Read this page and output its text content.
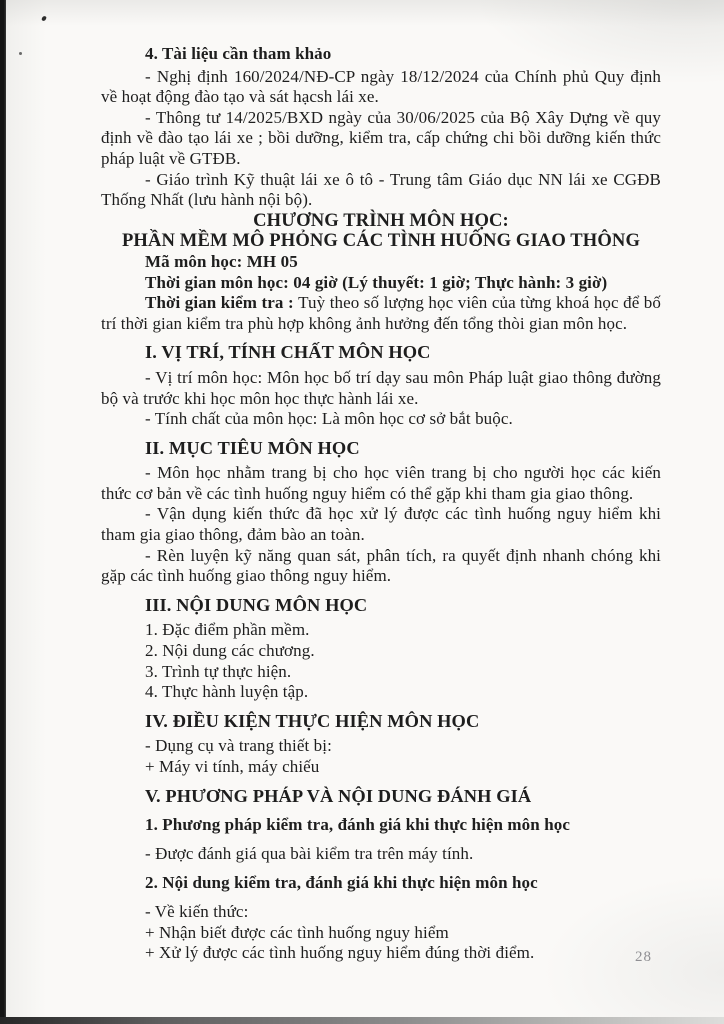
4. Tài liệu cần tham khảo
- Nghị định 160/2024/NĐ-CP ngày 18/12/2024 của Chính phủ Quy định về hoạt động đào tạo và sát hạcsh lái xe.
- Thông tư 14/2025/BXD ngày của 30/06/2025 của Bộ Xây Dựng về quy định về đào tạo lái xe ; bồi dưỡng, kiểm tra, cấp chứng chi bồi dưỡng kiến thức pháp luật về GTĐB.
- Giáo trình Kỹ thuật lái xe ô tô - Trung tâm Giáo dục NN lái xe CGĐB Thống Nhất (lưu hành nội bộ).
CHƯƠNG TRÌNH MÔN HỌC:
PHẦN MỀM MÔ PHỎNG CÁC TÌNH HUỐNG GIAO THÔNG
Mã môn học: MH 05
Thời gian môn học: 04 giờ (Lý thuyết: 1 giờ; Thực hành: 3 giờ)
Thời gian kiểm tra : Tuỳ theo số lượng học viên của từng khoá học để bố trí thời gian kiểm tra phù hợp không ảnh hưởng đến tổng thòi gian môn học.
I. VỊ TRÍ, TÍNH CHẤT MÔN HỌC
- Vị trí môn học: Môn học bố trí dạy sau môn Pháp luật giao thông đường bộ và trước khi học môn học thực hành lái xe.
- Tính chất của môn học: Là môn học cơ sở bắt buộc.
II. MỤC TIÊU MÔN HỌC
- Môn học nhằm trang bị cho học viên trang bị cho người học các kiến thức cơ bản về các tình huống nguy hiểm có thể gặp khi tham gia giao thông.
- Vận dụng kiến thức đã học xử lý được các tình huống nguy hiểm khi tham gia giao thông, đảm bào an toàn.
- Rèn luyện kỹ năng quan sát, phân tích, ra quyết định nhanh chóng khi gặp các tình huống giao thông nguy hiểm.
III. NỘI DUNG MÔN HỌC
1. Đặc điểm phần mềm.
2. Nội dung các chương.
3. Trình tự thực hiện.
4. Thực hành luyện tập.
IV. ĐIỀU KIỆN THỰC HIỆN MÔN HỌC
- Dụng cụ và trang thiết bị:
+ Máy vi tính, máy chiếu
V. PHƯƠNG PHÁP VÀ NỘI DUNG ĐÁNH GIÁ
1. Phương pháp kiểm tra, đánh giá khi thực hiện môn học
- Được đánh giá qua bài kiểm tra trên máy tính.
2. Nội dung kiểm tra, đánh giá khi thực hiện môn học
- Về kiến thức:
+ Nhận biết được các tình huống nguy hiểm
+ Xử lý được các tình huống nguy hiểm đúng thời điểm.	28
